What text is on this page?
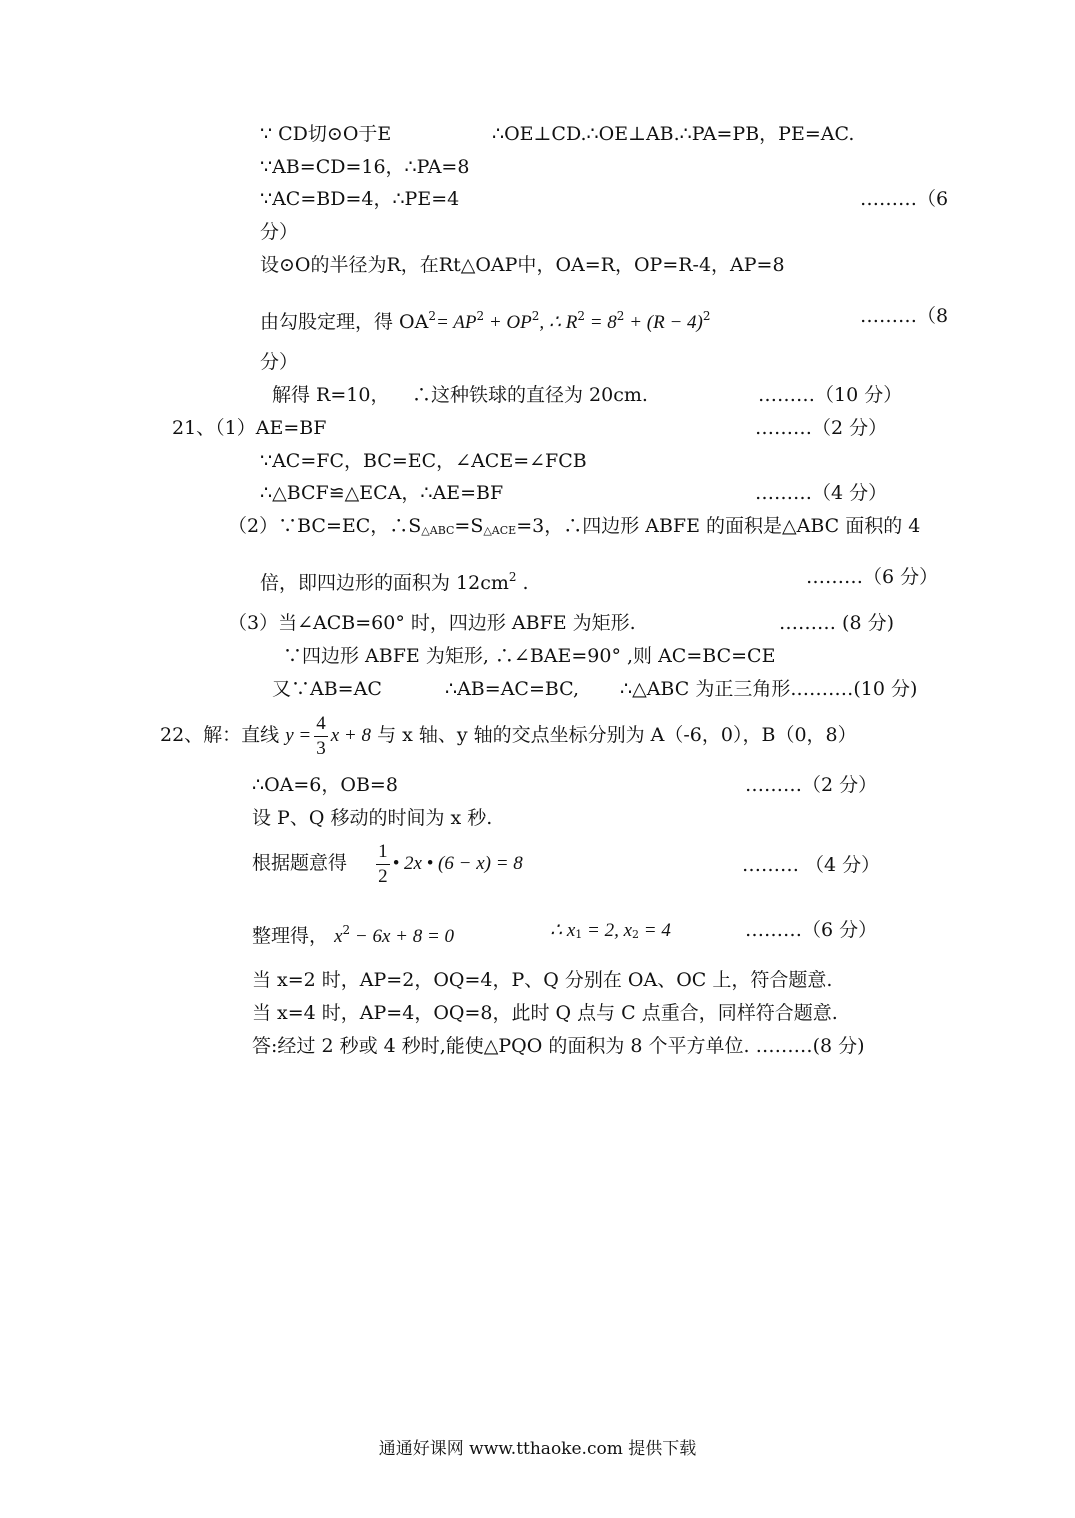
∵ CD切⊙O于E	∴OE⊥CD.∴OE⊥AB.∴PA=PB，PE=AC.
∵AB=CD=16，∴PA=8
∵AC=BD=4，∴PE=4	………（6
分）
设⊙O的半径为R，在Rt△OAP中，OA=R，OP=R-4，AP=8
由勾股定理，得 $OA^2= AP^2 + OP^2$, ∴ $R^2 = 8^2 + (R - 4)^2$	………（8
分）
解得 R=10， ∴这种铁球的直径为 20cm.	………（10 分）
21、（1）AE=BF	………（2 分）
∵AC=FC，BC=EC，∠ACE=∠FCB
∴△BCF≌△ECA，∴AE=BF	………（4 分）
（2）∵BC=EC，$\therefore S_{\triangle ABC}=S_{\triangle ACE}=3$，∴四边形 ABFE 的面积是△ABC 面积的 4
倍，即四边形的面积为 $12cm^2$ .	………（6 分）
（3）当∠ACB=60° 时，四边形 ABFE 为矩形.	……… (8 分)
∵四边形 ABFE 为矩形, ∴∠BAE=90° ,则 AC=BC=CE
又∵AB=AC	∴AB=AC=BC, ∴△ABC 为正三角形.………(10 分)
22、解：直线 $y = \frac{4}{3}$ x + 8 与 x 轴、y 轴的交点坐标分别为 A（-6，0），B（0，8）
∴OA=6，OB=8	………（2 分）
设 P、Q 移动的时间为 x 秒.
根据题意得 $\frac{1}{2}$ • 2x • (6 − x) = 8	……… （4 分）
整理得， $x^2 - 6x + 8 = 0$	∴ $x_1 = 2$, $x_2 = 4$	………（6 分）
当 x=2 时，AP=2，OQ=4，P、Q 分别在 OA、OC 上，符合题意.
当 x=4 时，AP=4，OQ=8，此时 Q 点与 C 点重合，同样符合题意.
答:经过 2 秒或 4 秒时,能使△PQO 的面积为 8 个平方单位. ………(8 分)
通通好课网 www.tthaoke.com 提供下载
